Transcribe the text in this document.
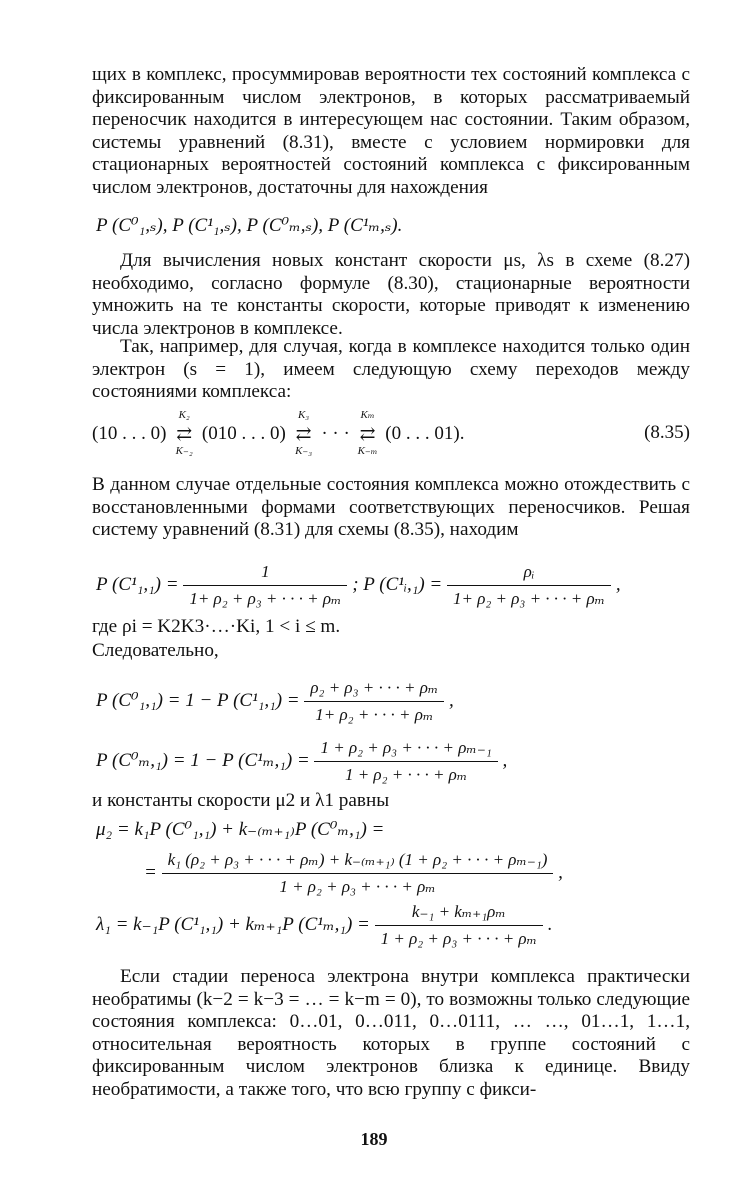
щих в комплекс, просуммировав вероятности тех состояний комплекса с фиксированным числом электронов, в которых рассматриваемый переносчик находится в интересующем нас состоянии. Таким образом, системы уравнений (8.31), вместе с условием нормировки для стационарных вероятностей состояний комплекса с фиксированным числом электронов, достаточны для нахождения

P (C⁰₁,ₛ), P (C¹₁,ₛ), P (C⁰ₘ,ₛ), P (C¹ₘ,ₛ).

Для вычисления новых констант скорости μs, λs в схеме (8.27) необходимо, согласно формуле (8.30), стационарные вероятности умножить на те константы скорости, которые приводят к изменению числа электронов в комплексе.

Так, например, для случая, когда в комплексе находится только один электрон (s = 1), имеем следующую схему переходов между состояниями комплекса:

(10 . . . 0) ⇄
K₂
K₋₂
(010 . . . 0) ⇄
K₃
K₋₃
· · · ⇄
Kₘ
K₋ₘ
(0 . . . 01).	(8.35)

В данном случае отдельные состояния комплекса можно отождествить с восстановленными формами соответствующих переносчиков. Решая систему уравнений (8.31) для схемы (8.35), находим

P $(C^1_1,_1) = \frac{1}{\text{1+ ρ₂ + ρ₃ + · · · + ρₘ}}$ ; P (C¹ᵢ,₁) = $\frac{\text{ρᵢ}}{\text{1+ ρ₂ + ρ₃ + · · · + ρₘ}}$ ,

где ρi = K2K3·…·Ki, 1 < i ≤ m.

Следовательно,

P (C⁰₁,₁) = 1 − P $(C^1_1,_1) = \frac{\text{ρ₂ + ρ₃ + · · · + ρₘ}}{\text{1+ ρ₂ + · · · + ρₘ}}$ ,
P (C⁰ₘ,₁) = 1 − P $(C^1_m,_1) = \frac{\text{1 + ρ₂ + ρ₃ + · · · + ρₘ₋₁}}{\text{1 + ρ₂ + · · · + ρₘ}}$ ,

и константы скорости μ2 и λ1 равны

μ₂ = k₁P (C⁰₁,₁) + k₋₍ₘ₊₁₎P (C⁰ₘ,₁) =
= $\frac{\text{k₁ (ρ₂ + ρ₃ + · · · + ρₘ) + k₋₍ₘ₊₁₎ (1 + ρ₂ + · · · + ρₘ₋₁)}}{\text{1 + ρ₂ + ρ₃ + · · · + ρₘ}}$ ,
λ₁ = k₋₁P (C¹₁,₁) + kₘ₊₁P $(C^1_m,_1) = \frac{\text{k₋₁ + kₘ₊₁ρₘ}}{\text{1 + ρ₂ + ρ₃ + · · · + ρₘ}}$ .

Если стадии переноса электрона внутри комплекса практически необратимы (k−2 = k−3 = … = k−m = 0), то возможны только следующие состояния комплекса: 0…01, 0…011, 0…0111, … …, 01…1, 1…1, относительная вероятность которых в группе состояний с фиксированным числом электронов близка к единице. Ввиду необратимости, а также того, что всю группу с фикси-

189
